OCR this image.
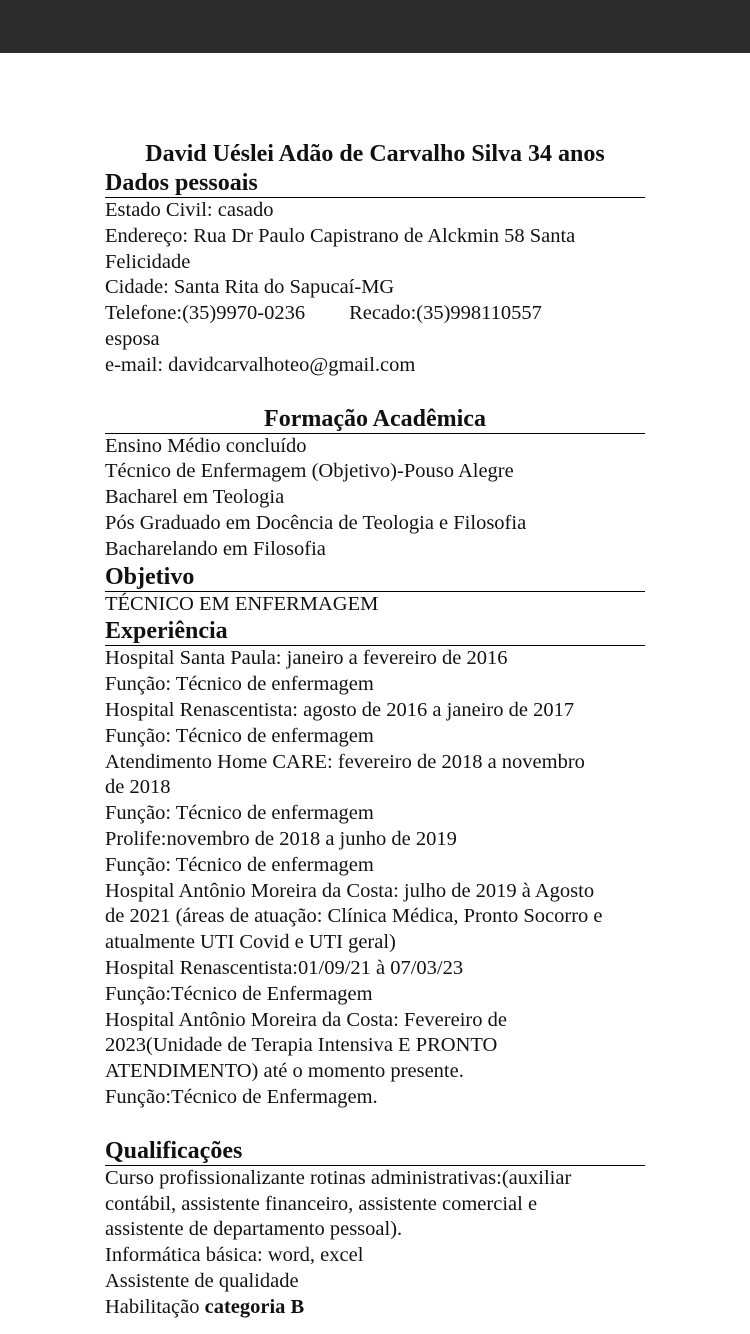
David Uéslei Adão de Carvalho Silva 34 anos

Dados pessoais

Estado Civil: casado

Endereço: Rua Dr Paulo Capistrano de Alckmin 58 Santa

Felicidade

Cidade: Santa Rita do Sapucaí-MG

Telefone:(35)9970-0236 Recado:(35)998110557

esposa

e-mail: davidcarvalhoteo@gmail.com

Formação Acadêmica

Ensino Médio concluído

Técnico de Enfermagem (Objetivo)-Pouso Alegre

Bacharel em Teologia

Pós Graduado em Docência de Teologia e Filosofia

Bacharelando em Filosofia

Objetivo

TÉCNICO EM ENFERMAGEM

Experiência

Hospital Santa Paula: janeiro a fevereiro de 2016

Função: Técnico de enfermagem

Hospital Renascentista: agosto de 2016 a janeiro de 2017

Função: Técnico de enfermagem

Atendimento Home CARE: fevereiro de 2018 a novembro

de 2018

Função: Técnico de enfermagem

Prolife:novembro de 2018 a junho de 2019

Função: Técnico de enfermagem

Hospital Antônio Moreira da Costa: julho de 2019 à Agosto

de 2021 (áreas de atuação: Clínica Médica, Pronto Socorro e

atualmente UTI Covid e UTI geral)

Hospital Renascentista:01/09/21 à 07/03/23

Função:Técnico de Enfermagem

Hospital Antônio Moreira da Costa: Fevereiro de

2023(Unidade de Terapia Intensiva E PRONTO

ATENDIMENTO) até o momento presente.

Função:Técnico de Enfermagem.

Qualificações

Curso profissionalizante rotinas administrativas:(auxiliar

contábil, assistente financeiro, assistente comercial e

assistente de departamento pessoal).

Informática básica: word, excel

Assistente de qualidade

Habilitação categoria B
